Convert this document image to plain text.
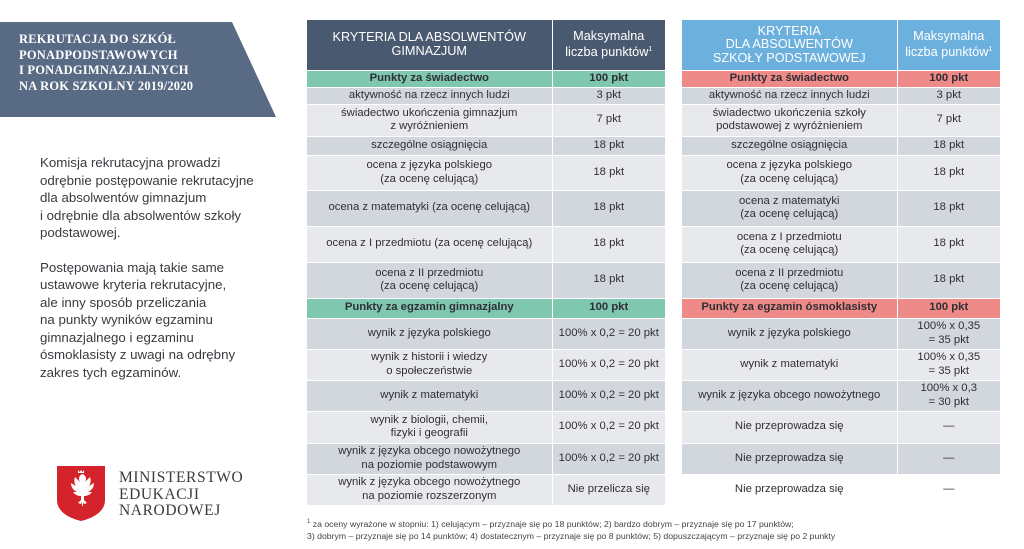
REKRUTACJA DO SZKÓŁ
PONADPODSTAWOWYCH
I PONADGIMNAZJALNYCH
NA ROK SZKOLNY 2019/2020

Komisja rekrutacyjna prowadzi
odrębnie postępowanie rekrutacyjne
dla absolwentów gimnazjum
i odrębnie dla absolwentów szkoły
podstawowej.

Postępowania mają takie same
ustawowe kryteria rekrutacyjne,
ale inny sposób przeliczania
na punkty wyników egzaminu
gimnazjalnego i egzaminu
ósmoklasisty z uwagi na odrębny
zakres tych egzaminów.

MINISTERSTWO
EDUKACJI
NARODOWEJ
KRYTERIA DLA ABSOLWENTÓW
GIMNAZJUM	Maksymalna
liczba punktów$^1$
Punkty za świadectwo	100 pkt
aktywność na rzecz innych ludzi	3 pkt
świadectwo ukończenia gimnazjum
z wyróżnieniem	7 pkt
szczególne osiągnięcia	18 pkt
ocena z języka polskiego
(za ocenę celującą)	18 pkt
ocena z matematyki (za ocenę celującą)	18 pkt
ocena z I przedmiotu (za ocenę celującą)	18 pkt
ocena z II przedmiotu
(za ocenę celującą)	18 pkt
Punkty za egzamin gimnazjalny	100 pkt
wynik z języka polskiego	100% x 0,2 = 20 pkt
wynik z historii i wiedzy
o społeczeństwie	100% x 0,2 = 20 pkt
wynik z matematyki	100% x 0,2 = 20 pkt
wynik z biologii, chemii,
fizyki i geografii	100% x 0,2 = 20 pkt
wynik z języka obcego nowożytnego
na poziomie podstawowym	100% x 0,2 = 20 pkt
wynik z języka obcego nowożytnego
na poziomie rozszerzonym	Nie przelicza się
KRYTERIA
DLA ABSOLWENTÓW
SZKOŁY PODSTAWOWEJ	Maksymalna
liczba punktów$^1$
Punkty za świadectwo	100 pkt
aktywność na rzecz innych ludzi	3 pkt
świadectwo ukończenia szkoły
podstawowej z wyróżnieniem	7 pkt
szczególne osiągnięcia	18 pkt
ocena z języka polskiego
(za ocenę celującą)	18 pkt
ocena z matematyki
(za ocenę celującą)	18 pkt
ocena z I przedmiotu
(za ocenę celującą)	18 pkt
ocena z II przedmiotu
(za ocenę celującą)	18 pkt
Punkty za egzamin ósmoklasisty	100 pkt
wynik z języka polskiego	100% x 0,35
= 35 pkt
wynik z matematyki	100% x 0,35
= 35 pkt
wynik z języka obcego nowożytnego	100% x 0,3
= 30 pkt
Nie przeprowadza się	—
Nie przeprowadza się	—
Nie przeprowadza się	—
$^1$ za oceny wyrażone w stopniu: 1) celującym – przyznaje się po 18 punktów; 2) bardzo dobrym – przyznaje się po 17 punktów;
3) dobrym – przyznaje się po 14 punktów; 4) dostatecznym – przyznaje się po 8 punktów; 5) dopuszczającym – przyznaje się po 2 punkty
